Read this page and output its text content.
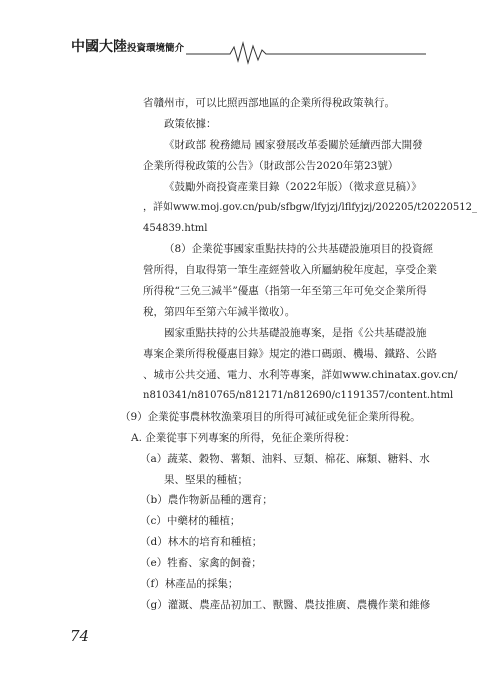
中國大陸投資環境簡介
省贛州市，可以比照西部地區的企業所得稅政策執行。
政策依據：
《財政部 稅務總局 國家發展改革委關於延續西部大開發
企業所得稅政策的公告》（財政部公告2020年第23號）
《鼓勵外商投資產業目錄（2022年版）（徵求意見稿）》
，詳如www.moj.gov.cn/pub/sfbgw/lfyjzj/lflfyjzj/202205/t20220512_
454839.html
（8）企業從事國家重點扶持的公共基礎設施項目的投資經
營所得，自取得第一筆生產經營收入所屬納稅年度起，享受企業
所得稅“三免三減半”優惠（指第一年至第三年可免交企業所得
稅，第四年至第六年減半徵收）。
國家重點扶持的公共基礎設施專案，是指《公共基礎設施
專案企業所得稅優惠目錄》規定的港口碼頭、機場、鐵路、公路
、城市公共交通、電力、水利等專案，詳如www.chinatax.gov.cn/
n810341/n810765/n812171/n812690/c1191357/content.html
（9）企業從事農林牧漁業項目的所得可減征或免征企業所得稅。
A. 企業從事下列專案的所得，免征企業所得稅：
（a）蔬菜、穀物、薯類、油料、豆類、棉花、麻類、糖料、水
果、堅果的種植；
（b）農作物新品種的選育；
（c）中藥材的種植；
（d）林木的培育和種植；
（e）牲畜、家禽的飼養；
（f）林產品的採集；
（g）灌溉、農產品初加工、獸醫、農技推廣、農機作業和維修
74
